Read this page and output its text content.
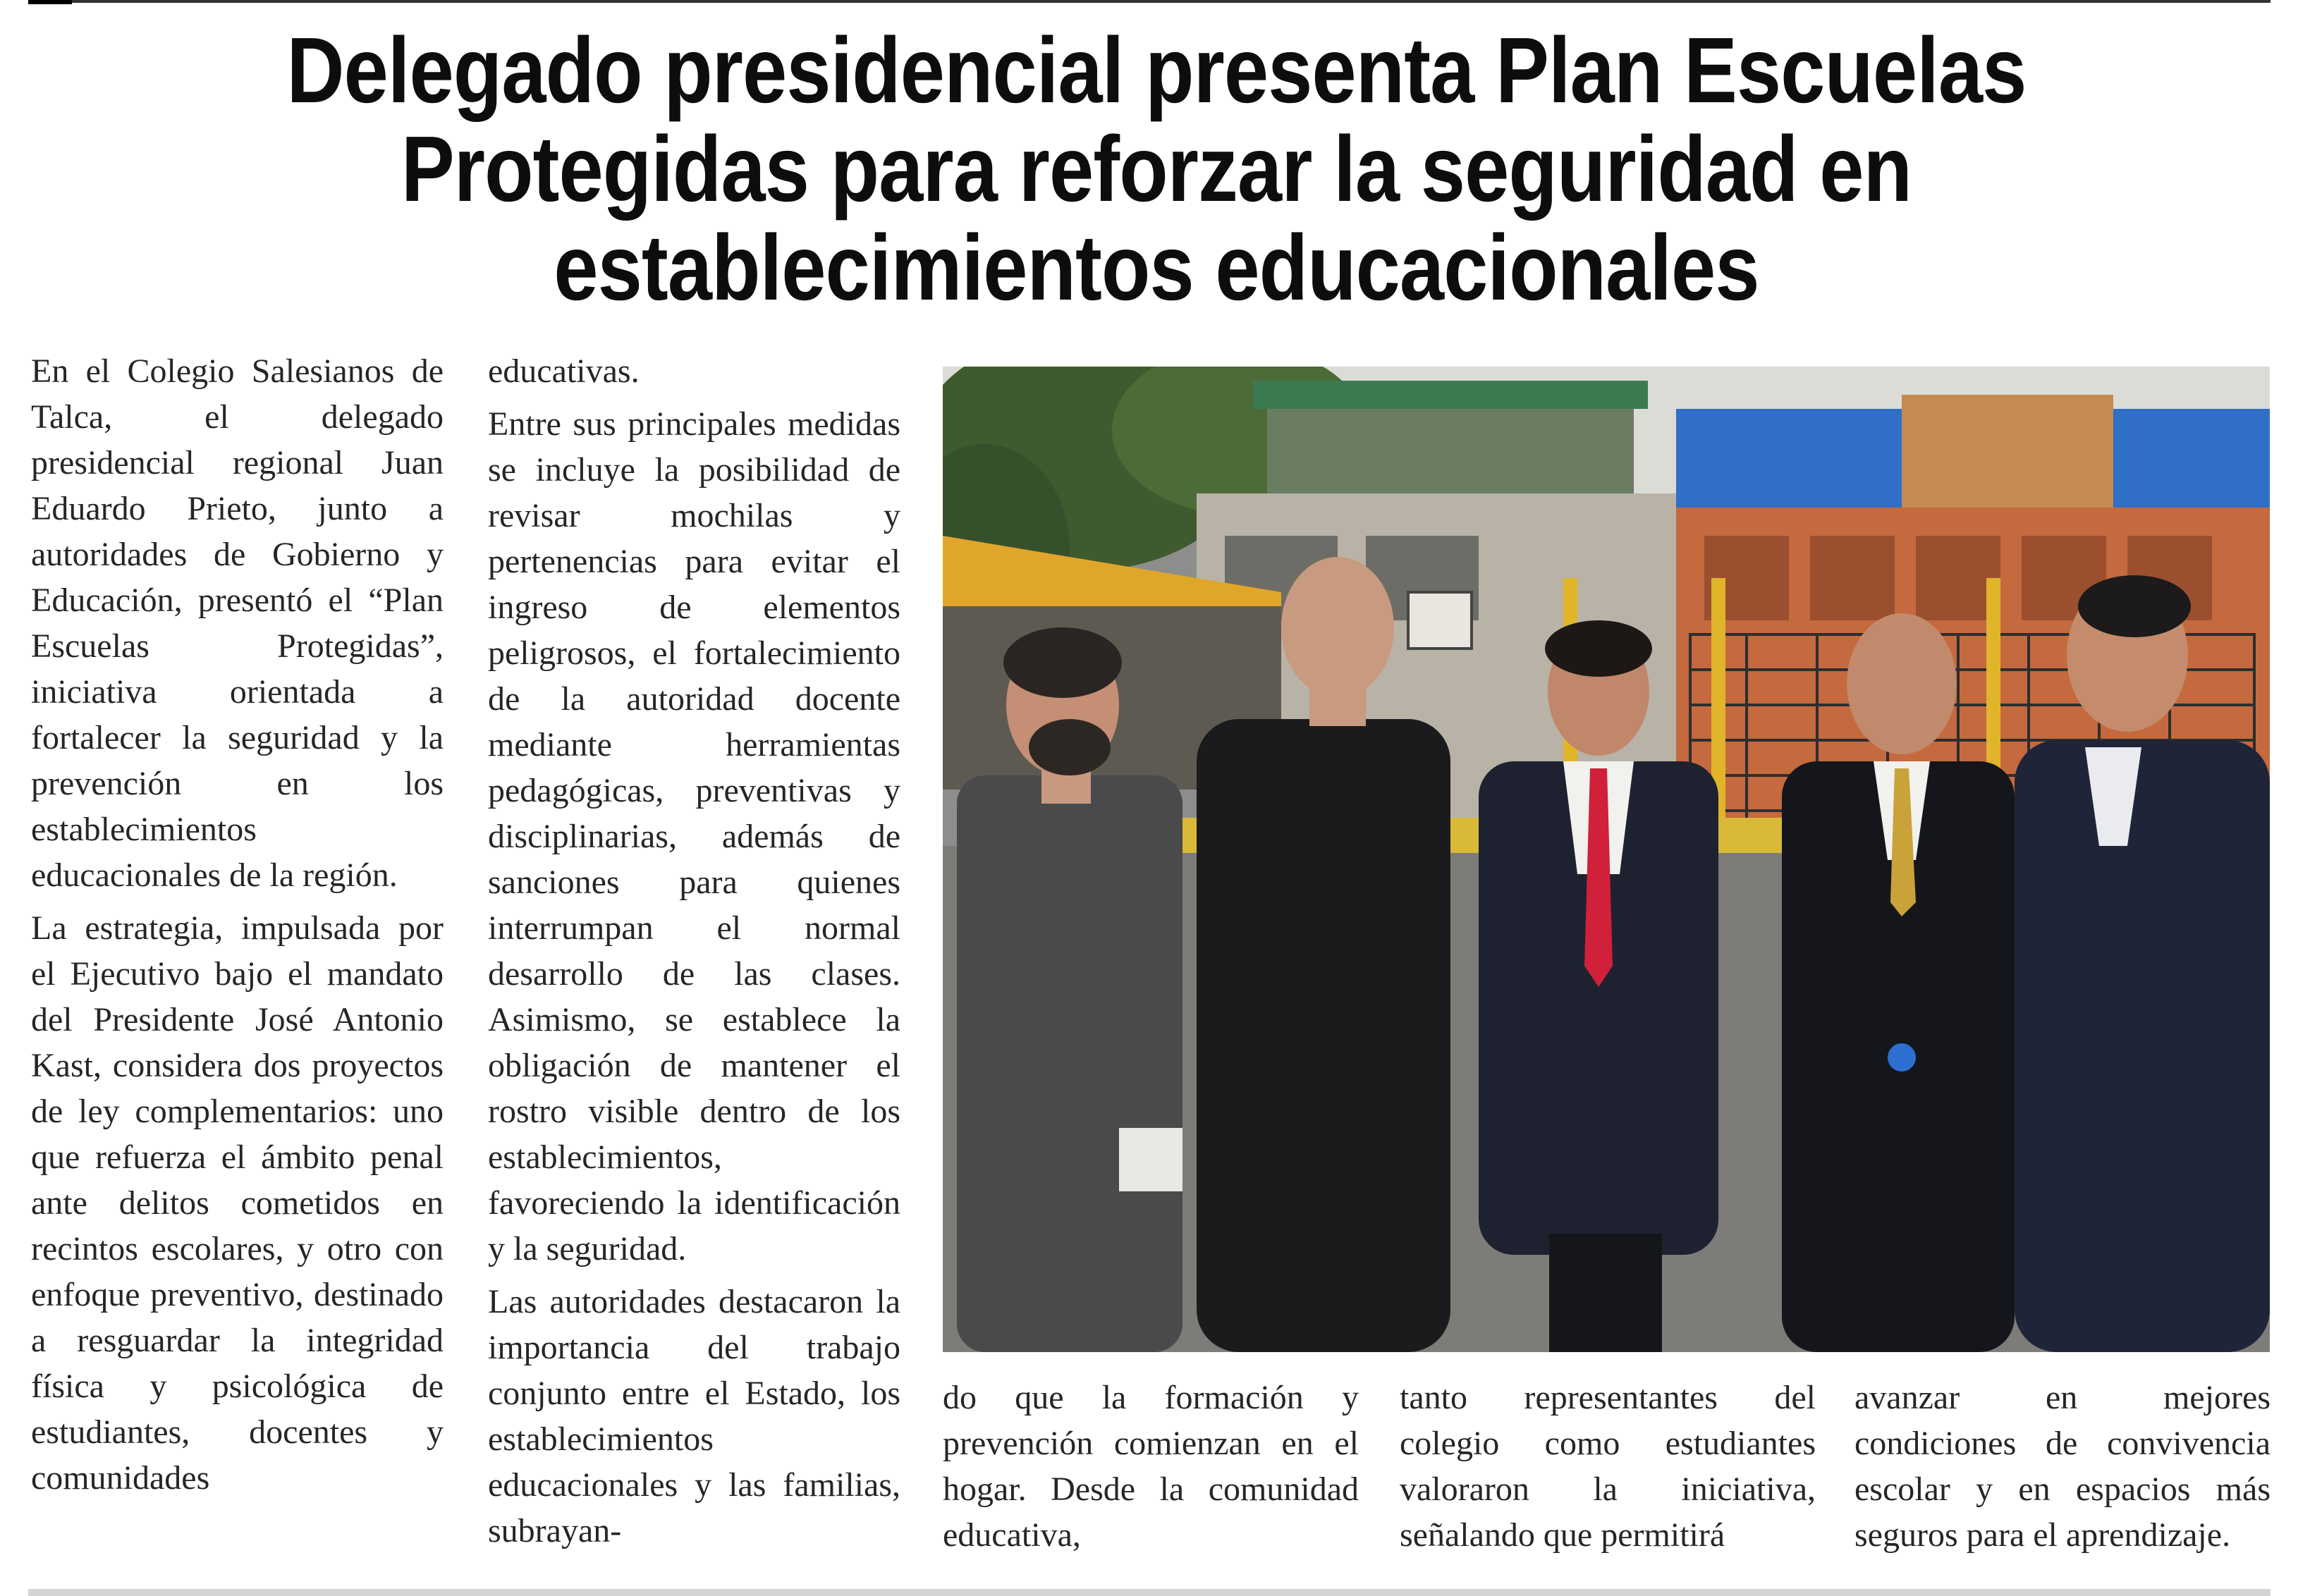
Delegado presidencial presenta Plan Escuelas Protegidas para reforzar la seguridad en establecimientos educacionales

En el Colegio Salesianos de Talca, el delegado presidencial regional Juan Eduardo Prieto, junto a autoridades de Gobierno y Educación, presentó el “Plan Escuelas Protegidas”, iniciativa orientada a fortalecer la seguridad y la prevención en los establecimientos educacionales de la región.

La estrategia, impulsada por el Ejecutivo bajo el mandato del Presidente José Antonio Kast, considera dos proyectos de ley complementarios: uno que refuerza el ámbito penal ante delitos cometidos en recintos escolares, y otro con enfoque preventivo, destinado a resguardar la integridad física y psicológica de estudiantes, docentes y comunidades

educativas.

Entre sus principales medidas se incluye la posibilidad de revisar mochilas y pertenencias para evitar el ingreso de elementos peligrosos, el fortalecimiento de la autoridad docente mediante herramientas pedagógicas, preventivas y disciplinarias, además de sanciones para quienes interrumpan el normal desarrollo de las clases. Asimismo, se establece la obligación de mantener el rostro visible dentro de los establecimientos, favoreciendo la identificación y la seguridad.

Las autoridades destacaron la importancia del trabajo conjunto entre el Estado, los establecimientos educacionales y las familias, subrayan-

do que la formación y prevención comienzan en el hogar. Desde la comunidad educativa,

tanto representantes del colegio como estudiantes valoraron la iniciativa, señalando que permitirá

avanzar en mejores condiciones de convivencia escolar y en espacios más seguros para el aprendizaje.
